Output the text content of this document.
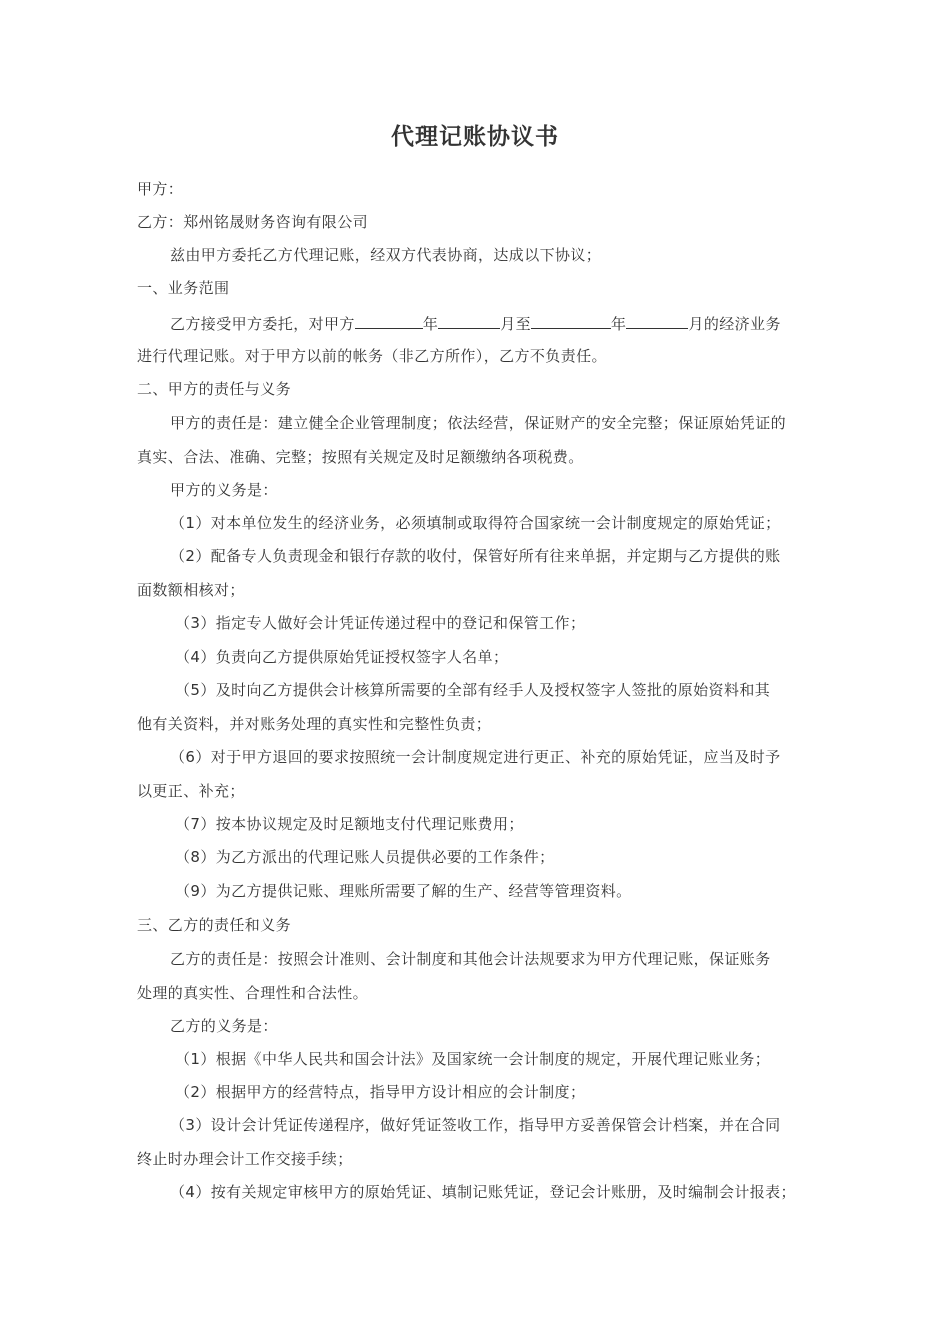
代理记账协议书
甲方：
乙方：郑州铭晟财务咨询有限公司
兹由甲方委托乙方代理记账，经双方代表协商，达成以下协议；
一、业务范围
乙方接受甲方委托，对甲方	年	月至	年	月的经济业务
进行代理记账。对于甲方以前的帐务（非乙方所作），乙方不负责任。
二、甲方的责任与义务
甲方的责任是：建立健全企业管理制度；依法经营，保证财产的安全完整；保证原始凭证的
真实、合法、准确、完整；按照有关规定及时足额缴纳各项税费。
甲方的义务是：
（1）对本单位发生的经济业务，必须填制或取得符合国家统一会计制度规定的原始凭证；
（2）配备专人负责现金和银行存款的收付，保管好所有往来单据，并定期与乙方提供的账
面数额相核对；
（3）指定专人做好会计凭证传递过程中的登记和保管工作；
（4）负责向乙方提供原始凭证授权签字人名单；
（5）及时向乙方提供会计核算所需要的全部有经手人及授权签字人签批的原始资料和其
他有关资料，并对账务处理的真实性和完整性负责；
（6）对于甲方退回的要求按照统一会计制度规定进行更正、补充的原始凭证，应当及时予
以更正、补充；
（7）按本协议规定及时足额地支付代理记账费用；
（8）为乙方派出的代理记账人员提供必要的工作条件；
（9）为乙方提供记账、理账所需要了解的生产、经营等管理资料。
三、乙方的责任和义务
乙方的责任是：按照会计准则、会计制度和其他会计法规要求为甲方代理记账，保证账务
处理的真实性、合理性和合法性。
乙方的义务是：
（1）根据《中华人民共和国会计法》及国家统一会计制度的规定，开展代理记账业务；
（2）根据甲方的经营特点，指导甲方设计相应的会计制度；
（3）设计会计凭证传递程序，做好凭证签收工作，指导甲方妥善保管会计档案，并在合同
终止时办理会计工作交接手续；
（4）按有关规定审核甲方的原始凭证、填制记账凭证，登记会计账册，及时编制会计报表；
